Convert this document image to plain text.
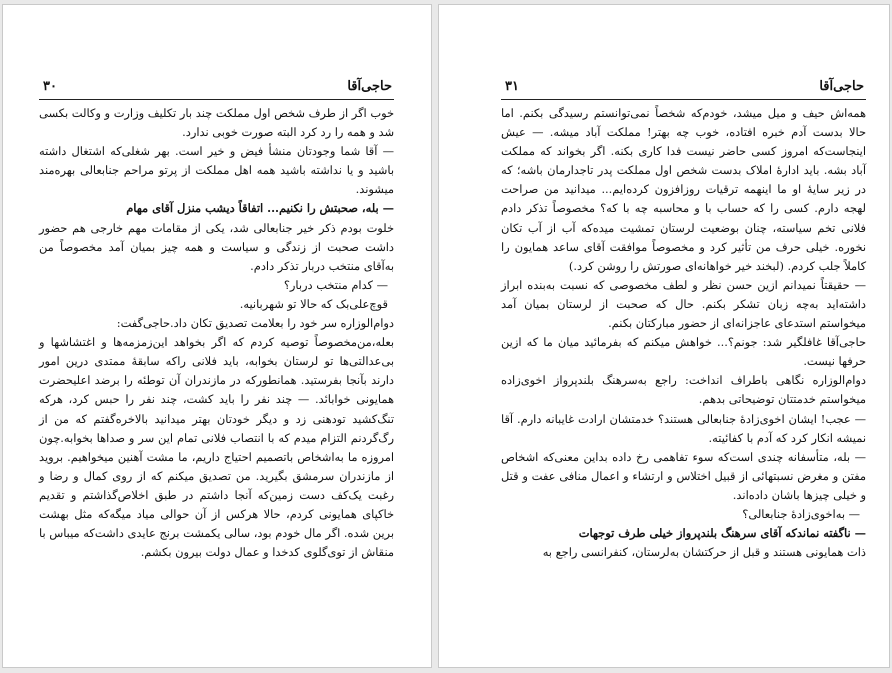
حاجی‌آقا
۳۰

خوب اگر از طرف شخص اول مملکت چند بار تکلیف وزارت و وکالت بکسی شد و همه را رد کرد البته صورت خوبی ندارد.

— آقا شما وجودتان منشأ فیض و خیر است. بهر شغلی‌که اشتغال داشته باشید و یا نداشته باشید همه اهل مملکت از پرتو مراحم جنابعالی بهره‌مند میشوند.

— بله، صحبتش را نکنیم... اتفاقاً دیشب منزل آقای مهام

خلوت بودم ذکر خیر جنابعالی شد، یکی از مقامات مهم خارجی هم حضور داشت صحبت از زندگی و سیاست و همه چیز بمیان آمد مخصوصاً من به‌آقای منتخب دربار تذکر دادم.

— کدام منتخب دربار؟

قوچ‌علی‌بک که حالا تو شهربانیه.

دوام‌الوزاره سر خود را بعلامت تصدیق تکان داد.حاجی‌گفت:

بعله،من‌مخصوصاً توصیه کردم که اگر بخواهد این‌زمزمه‌ها و اغتشاشها و بی‌عدالتی‌ها تو لرستان بخوابه، باید فلانی راکه سابقهٔ ممتدی درین امور دارند بآنجا بفرستید. همانطورکه در مازندران آن توطئه را برضد اعلیحضرت همایونی خوابائد. — چند نفر را باید کشت، چند نفر را حبس کرد، هرکه تنگ‌کشید تودهنی زد و دیگر خودتان بهتر میدانید بالاخره‌گفتم که من از رگ‌گردنم التزام میدم که با انتصاب فلانی تمام این سر و صداها بخوابه.چون امروزه ما به‌اشخاص باتصمیم احتیاج داریم، ما مشت آهنین میخواهیم. بروید از مازندران سرمشق بگیرید. من تصدیق میکنم که از روی کمال و رضا و رغبت یک‌کف دست زمین‌که آنجا داشتم در طبق اخلاص‌گذاشتم و تقدیم خاکپای همایونی کردم، حالا هرکس از آن حوالی میاد میگه‌که مثل بهشت برین شده. اگر مال خودم بود، سالی یکمشت برنج عایدی داشت‌که میباس با منقاش از توی‌گلوی کدخدا و عمال دولت بیرون بکشم.

حاجی‌آقا
۳۱

همه‌اش حیف و میل میشد، خودم‌که شخصاً نمی‌توانستم رسیدگی بکنم. اما حالا بدست آدم خبره افتاده، خوب چه بهتر! مملکت آباد میشه. — عیش اینجاست‌که امروز کسی حاضر نیست فدا کاری بکنه. اگر بخواند که مملکت آباد بشه. باید ادارهٔ املاک بدست شخص اول مملکت پدر تاجدارمان باشه؛ که در زیر سایهٔ او ما اینهمه ترقیات روزافزون کرده‌ایم... میدانید من صراحت لهجه دارم. کسی را که حساب با و محاسبه چه با که؟ مخصوصاً تذکر دادم فلانی تخم سیاسته، چنان بوضعیت لرستان تمشیت میده‌که آب از آب تکان نخوره. خیلی حرف من تأثیر کرد و مخصوصاً موافقت آقای ساعد همایون را کاملاً جلب کردم. (لبخند خیر خواهانه‌ای صورتش را روشن کرد.)

— حقیقتاً نمیدانم ازین حسن نظر و لطف مخصوصی که نسبت به‌بنده ابراز داشته‌اید به‌چه زبان تشکر بکنم. حال که صحبت از لرستان بمیان آمد میخواستم استدعای عاجزانه‌ای از حضور مبارکتان بکنم.

حاجی‌آقا غافلگیر شد: جونم؟... خواهش میکنم که بفرمائید میان ما که ازین حرفها نیست.

دوام‌الوزاره نگاهی باطراف انداخت: راجع به‌سرهنگ بلندپرواز اخوی‌زاده میخواستم خدمتتان توضیحاتی بدهم.

— عجب! ایشان اخوی‌زادهٔ جنابعالی هستند؟ خدمتشان ارادت غایبانه دارم. آقا نمیشه انکار کرد که آدم با کفائیته.

— بله، متأسفانه چندی است‌که سوء تفاهمی رخ داده بداین معنی‌که اشخاص مفتن و مغرض نسبتهائی از قبیل اختلاس و ارتشاء و اعمال منافی عفت و قتل و خیلی چیزها باشان داده‌اند.

— به‌اخوی‌زادهٔ جنابعالی؟

— ناگفته نماندکه آقای سرهنگ بلندپرواز خیلی طرف توجهات

ذات همایونی هستند و قبل از حرکتشان به‌لرستان، کنفرانسی راجع به
